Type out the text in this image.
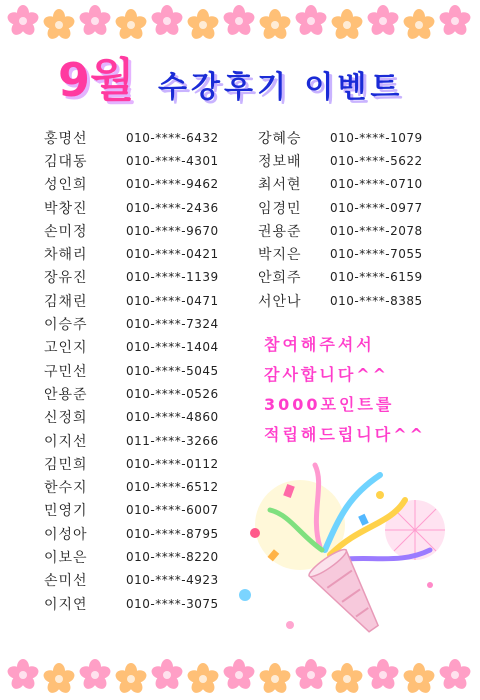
9월 수강후기 이벤트
홍명선	010-****-6432
김대동	010-****-4301
성인희	010-****-9462
박창진	010-****-2436
손미정	010-****-9670
차해리	010-****-0421
장유진	010-****-1139
김채린	010-****-0471
이승주	010-****-7324
고인지	010-****-1404
구민선	010-****-5045
안용준	010-****-0526
신정희	010-****-4860
이지선	011-****-3266
김민희	010-****-0112
한수지	010-****-6512
민영기	010-****-6007
이성아	010-****-8795
이보은	010-****-8220
손미선	010-****-4923
이지연	010-****-3075
강혜승	010-****-1079
정보배	010-****-5622
최서현	010-****-0710
임경민	010-****-0977
권용준	010-****-2078
박지은	010-****-7055
안희주	010-****-6159
서안나	010-****-8385
참여해주셔서
감사합니다^^
3000포인트를
적립해드립니다^^
